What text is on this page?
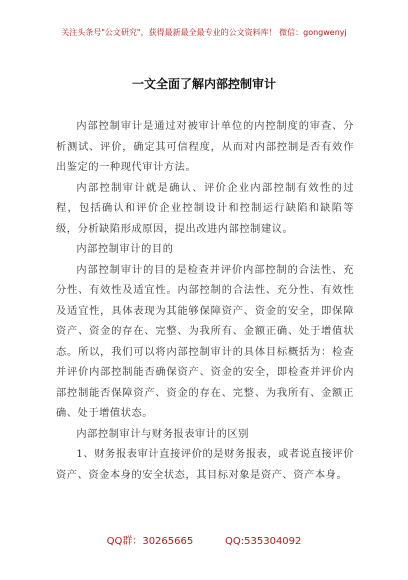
关注头条号"公文研究"，获得最新最全最专业的公文资料库！ 微信：gongwenyj
一文全面了解内部控制审计

内部控制审计是通过对被审计单位的内控制度的审查、分析测试、评价，确定其可信程度，从而对内部控制是否有效作出鉴定的一种现代审计方法。

内部控制审计就是确认、评价企业内部控制有效性的过程，包括确认和评价企业控制设计和控制运行缺陷和缺陷等级，分析缺陷形成原因，提出改进内部控制建议。

内部控制审计的目的

内部控制审计的目的是检查并评价内部控制的合法性、充分性、有效性及适宜性。内部控制的合法性、充分性、有效性及适宜性，具体表现为其能够保障资产、资金的安全，即保障资产、资金的存在、完整、为我所有、金额正确、处于增值状态。所以，我们可以将内部控制审计的具体目标概括为：检查并评价内部控制能否确保资产、资金的安全，即检查并评价内部控制能否保障资产、资金的存在、完整、为我所有、金额正确、处于增值状态。

内部控制审计与财务报表审计的区别

1、财务报表审计直接评价的是财务报表，或者说直接评价资产、资金本身的安全状态，其目标对象是资产、资产本身。

QQ群：30265665          QQ:535304092
